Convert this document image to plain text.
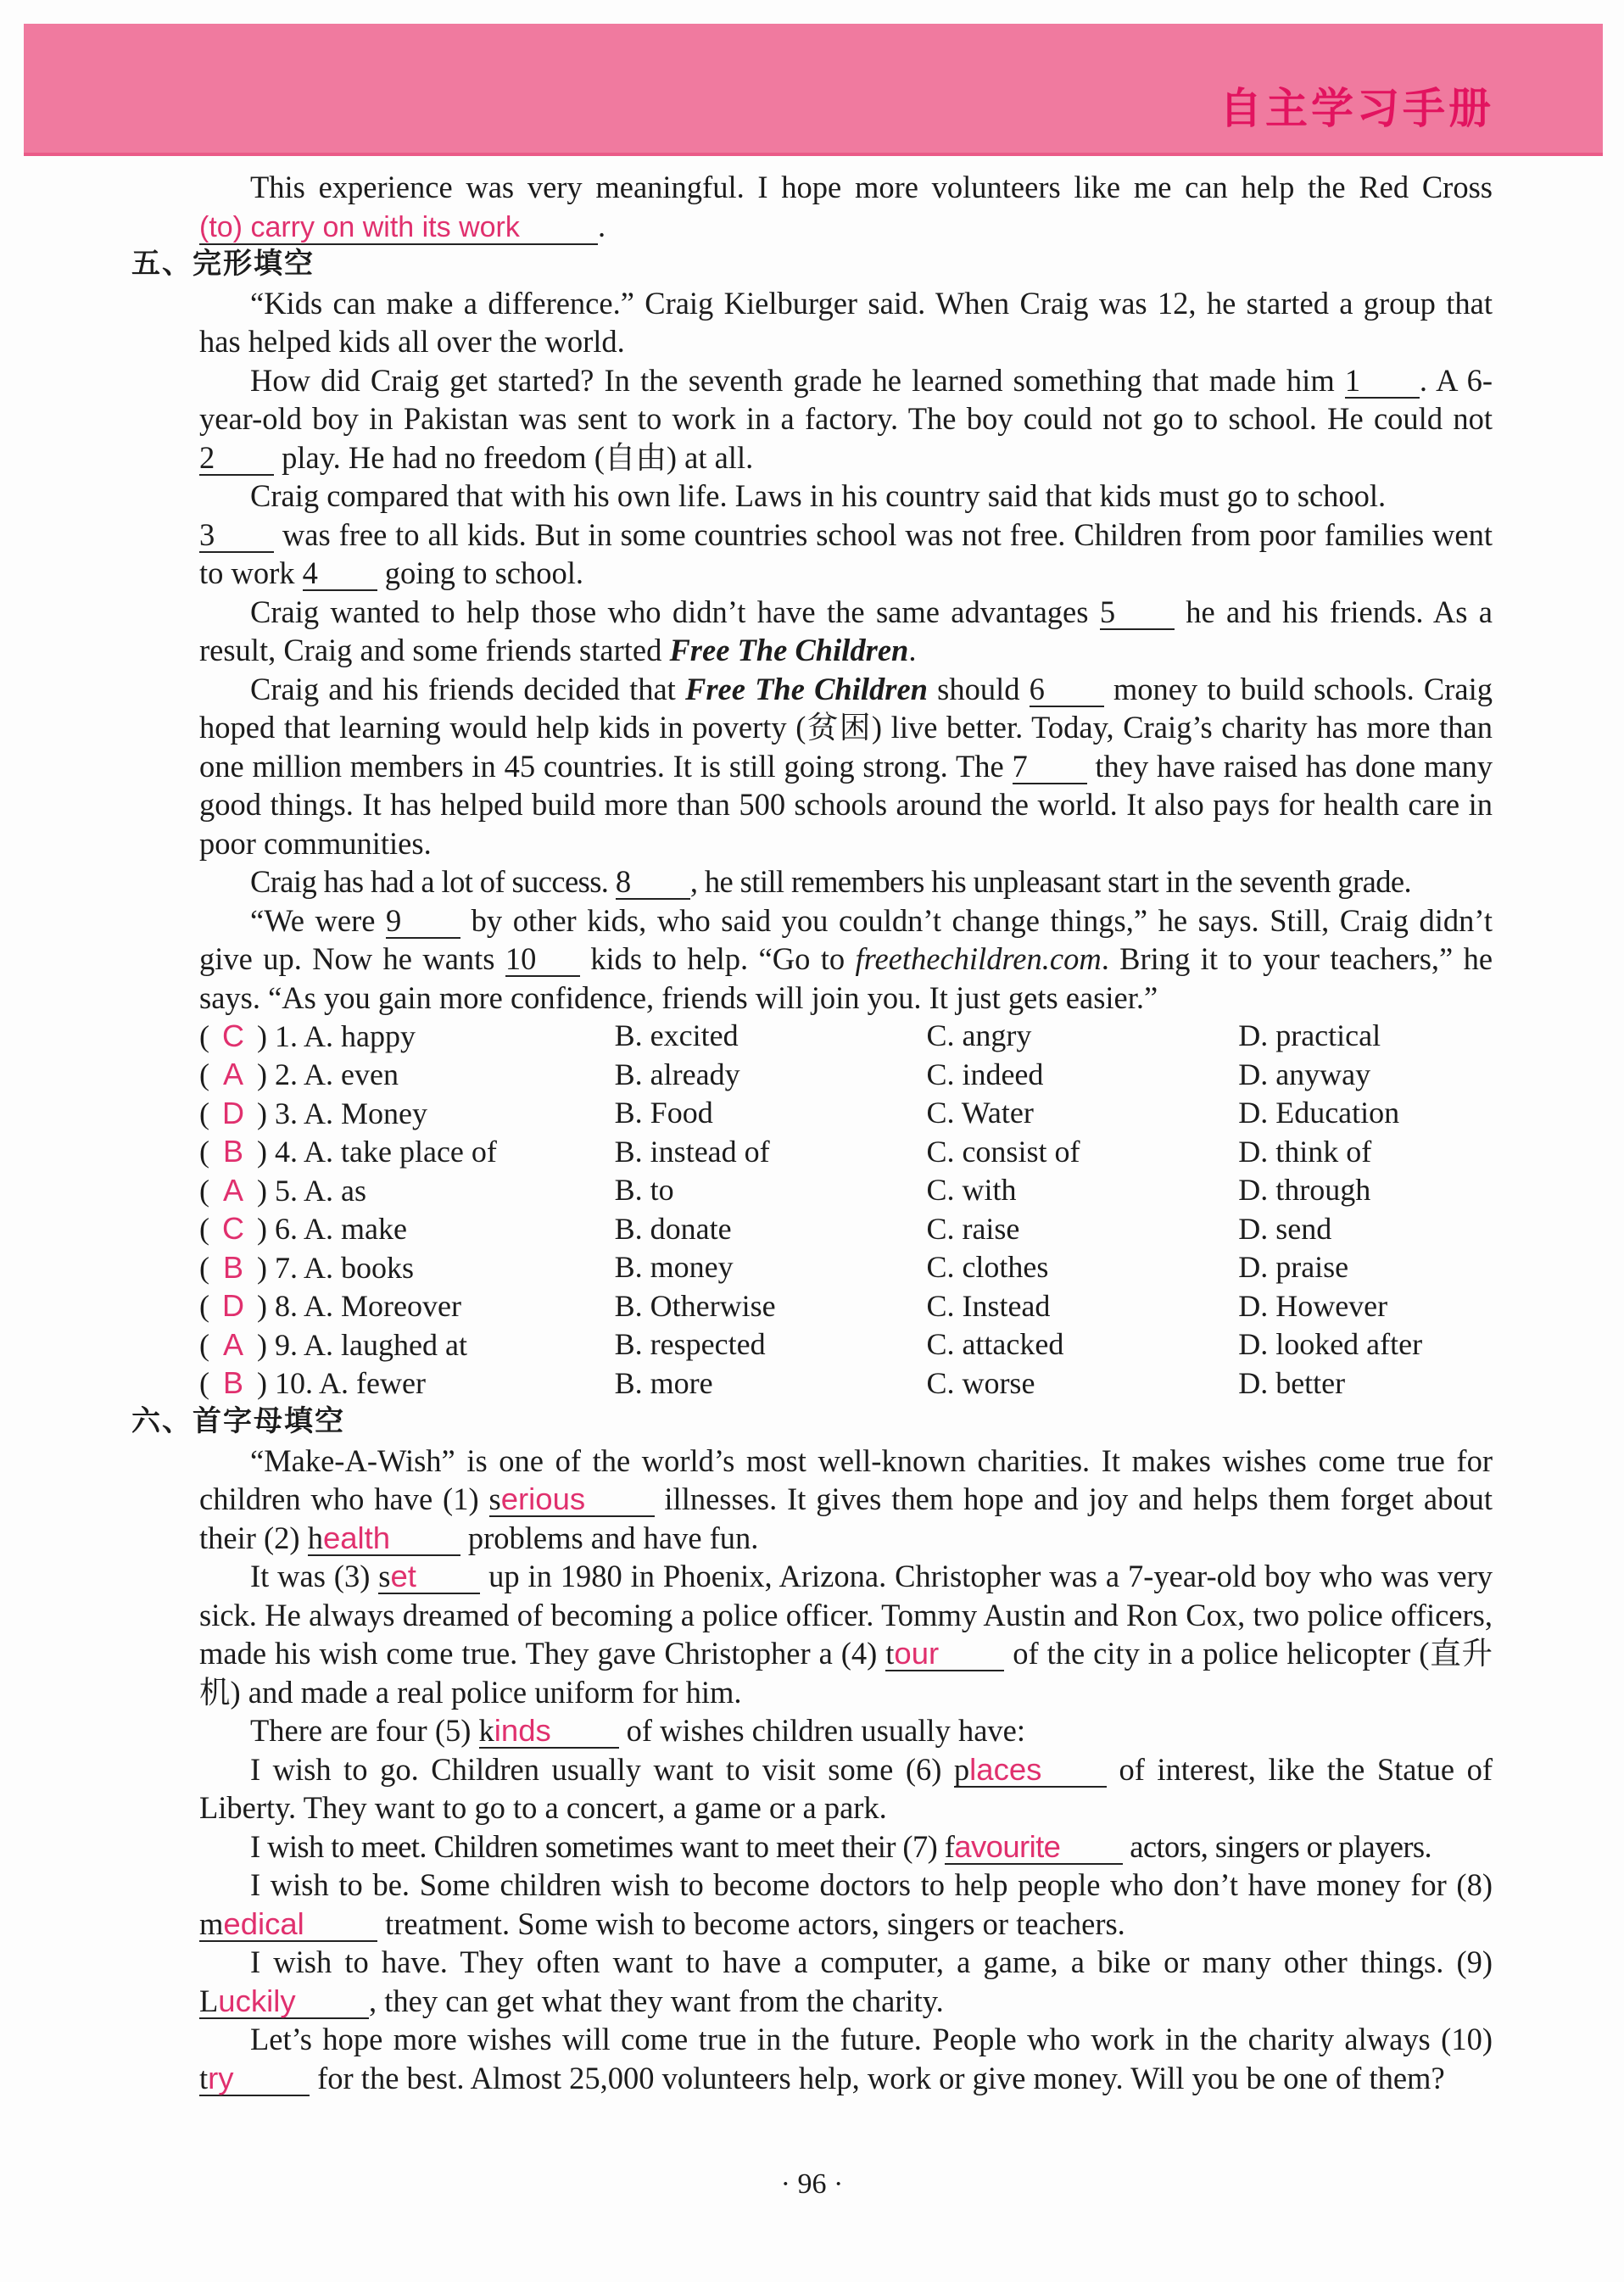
自主学习手册
This experience was very meaningful. I hope more volunteers like me can help the Red Cross (to) carry on with its work	.
五、完形填空
“Kids can make a difference.” Craig Kielburger said. When Craig was 12, he started a group that has helped kids all over the world.
How did Craig get started? In the seventh grade he learned something that made him 1 . A 6-year-old boy in Pakistan was sent to work in a factory. The boy could not go to school. He could not 2 play. He had no freedom (自由) at all.
Craig compared that with his own life. Laws in his country said that kids must go to school.
3 was free to all kids. But in some countries school was not free. Children from poor families went to work 4 going to school.
Craig wanted to help those who didn’t have the same advantages 5 he and his friends. As a result, Craig and some friends started Free The Children.
Craig and his friends decided that Free The Children should 6 money to build schools. Craig hoped that learning would help kids in poverty (贫困) live better. Today, Craig’s charity has more than one million members in 45 countries. It is still going strong. The 7 they have raised has done many good things. It has helped build more than 500 schools around the world. It also pays for health care in poor communities.
Craig has had a lot of success. 8 , he still remembers his unpleasant start in the seventh grade.
“We were 9 by other kids, who said you couldn’t change things,” he says. Still, Craig didn’t give up. Now he wants 10 kids to help. “Go to freethechildren.com. Bring it to your teachers,” he says. “As you gain more confidence, friends will join you. It just gets easier.”
( C ) 1. A. happy	B. excited	C. angry	D. practical
( A ) 2. A. even	B. already	C. indeed	D. anyway
( D ) 3. A. Money	B. Food	C. Water	D. Education
( B ) 4. A. take place of	B. instead of	C. consist of	D. think of
( A ) 5. A. as	B. to	C. with	D. through
( C ) 6. A. make	B. donate	C. raise	D. send
( B ) 7. A. books	B. money	C. clothes	D. praise
( D ) 8. A. Moreover	B. Otherwise	C. Instead	D. However
( A ) 9. A. laughed at	B. respected	C. attacked	D. looked after
( B ) 10. A. fewer	B. more	C. worse	D. better
六、首字母填空
“Make-A-Wish” is one of the world’s most well-known charities. It makes wishes come true for children who have (1) serious	illnesses. It gives them hope and joy and helps them forget about their (2) health	problems and have fun.
It was (3) set up in 1980 in Phoenix, Arizona. Christopher was a 7-year-old boy who was very sick. He always dreamed of becoming a police officer. Tommy Austin and Ron Cox, two police officers, made his wish come true. They gave Christopher a (4) tour of the city in a police helicopter (直升机) and made a real police uniform for him.
There are four (5) kinds of wishes children usually have:
I wish to go. Children usually want to visit some (6) places of interest, like the Statue of Liberty. They want to go to a concert, a game or a park.
I wish to meet. Children sometimes want to meet their (7) favourite actors, singers or players.
I wish to be. Some children wish to become doctors to help people who don’t have money for (8) medical	treatment. Some wish to become actors, singers or teachers.
I wish to have. They often want to have a computer, a game, a bike or many other things. (9) Luckily , they can get what they want from the charity.
Let’s hope more wishes will come true in the future. People who work in the charity always (10) try	for the best. Almost 25,000 volunteers help, work or give money. Will you be one of them?
· 96 ·
